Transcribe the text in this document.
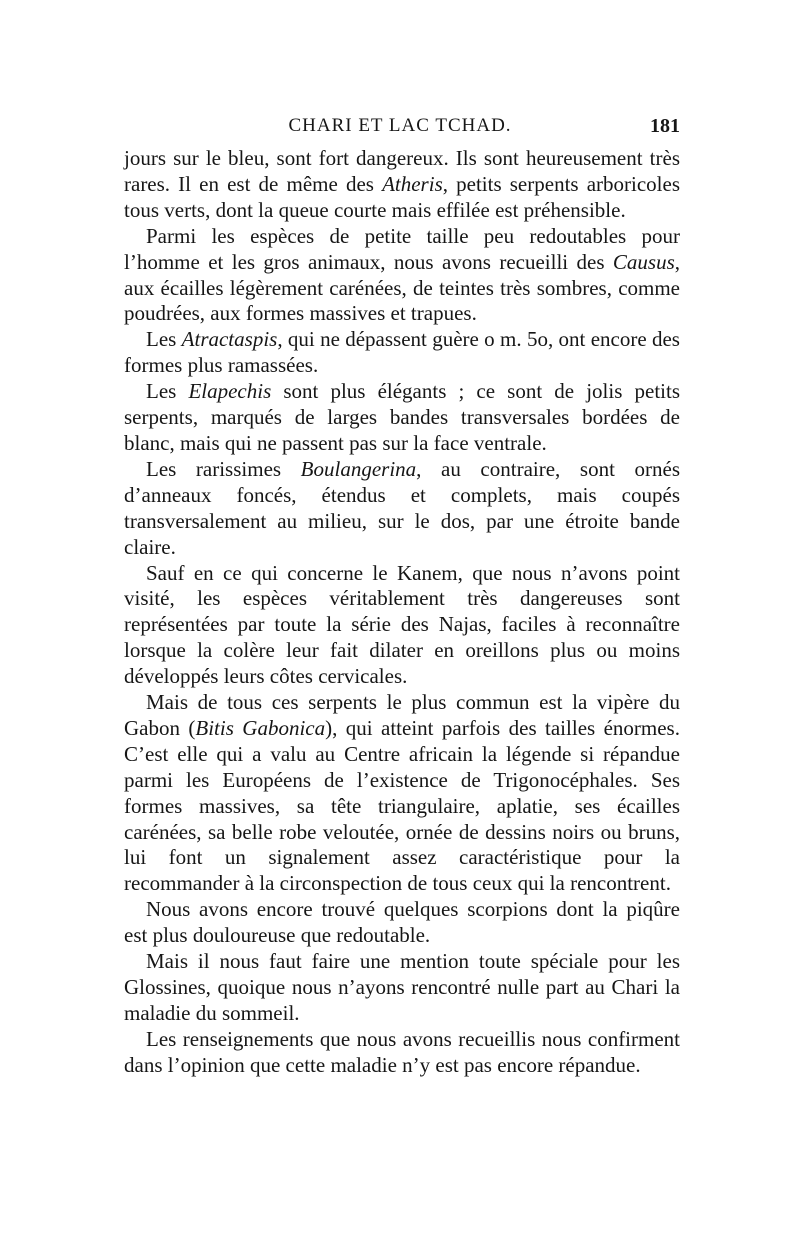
CHARI ET LAC TCHAD.	181

jours sur le bleu, sont fort dangereux. Ils sont heureusement très rares. Il en est de même des Atheris, petits serpents arboricoles tous verts, dont la queue courte mais effilée est préhensible.

Parmi les espèces de petite taille peu redoutables pour l’homme et les gros animaux, nous avons recueilli des Causus, aux écailles légèrement carénées, de teintes très sombres, comme poudrées, aux formes massives et trapues.

Les Atractaspis, qui ne dépassent guère o m. 5o, ont encore des formes plus ramassées.

Les Elapechis sont plus élégants ; ce sont de jolis petits serpents, marqués de larges bandes transversales bordées de blanc, mais qui ne passent pas sur la face ventrale.

Les rarissimes Boulangerina, au contraire, sont ornés d’anneaux foncés, étendus et complets, mais coupés transversalement au milieu, sur le dos, par une étroite bande claire.

Sauf en ce qui concerne le Kanem, que nous n’avons point visité, les espèces véritablement très dangereuses sont représentées par toute la série des Najas, faciles à reconnaître lorsque la colère leur fait dilater en oreillons plus ou moins développés leurs côtes cervicales.

Mais de tous ces serpents le plus commun est la vipère du Gabon (Bitis Gabonica), qui atteint parfois des tailles énormes. C’est elle qui a valu au Centre africain la légende si répandue parmi les Européens de l’existence de Trigonocéphales. Ses formes massives, sa tête triangulaire, aplatie, ses écailles carénées, sa belle robe veloutée, ornée de dessins noirs ou bruns, lui font un signalement assez caractéristique pour la recommander à la circonspection de tous ceux qui la rencontrent.

Nous avons encore trouvé quelques scorpions dont la piqûre est plus douloureuse que redoutable.

Mais il nous faut faire une mention toute spéciale pour les Glossines, quoique nous n’ayons rencontré nulle part au Chari la maladie du sommeil.

Les renseignements que nous avons recueillis nous confirment dans l’opinion que cette maladie n’y est pas encore répandue.
